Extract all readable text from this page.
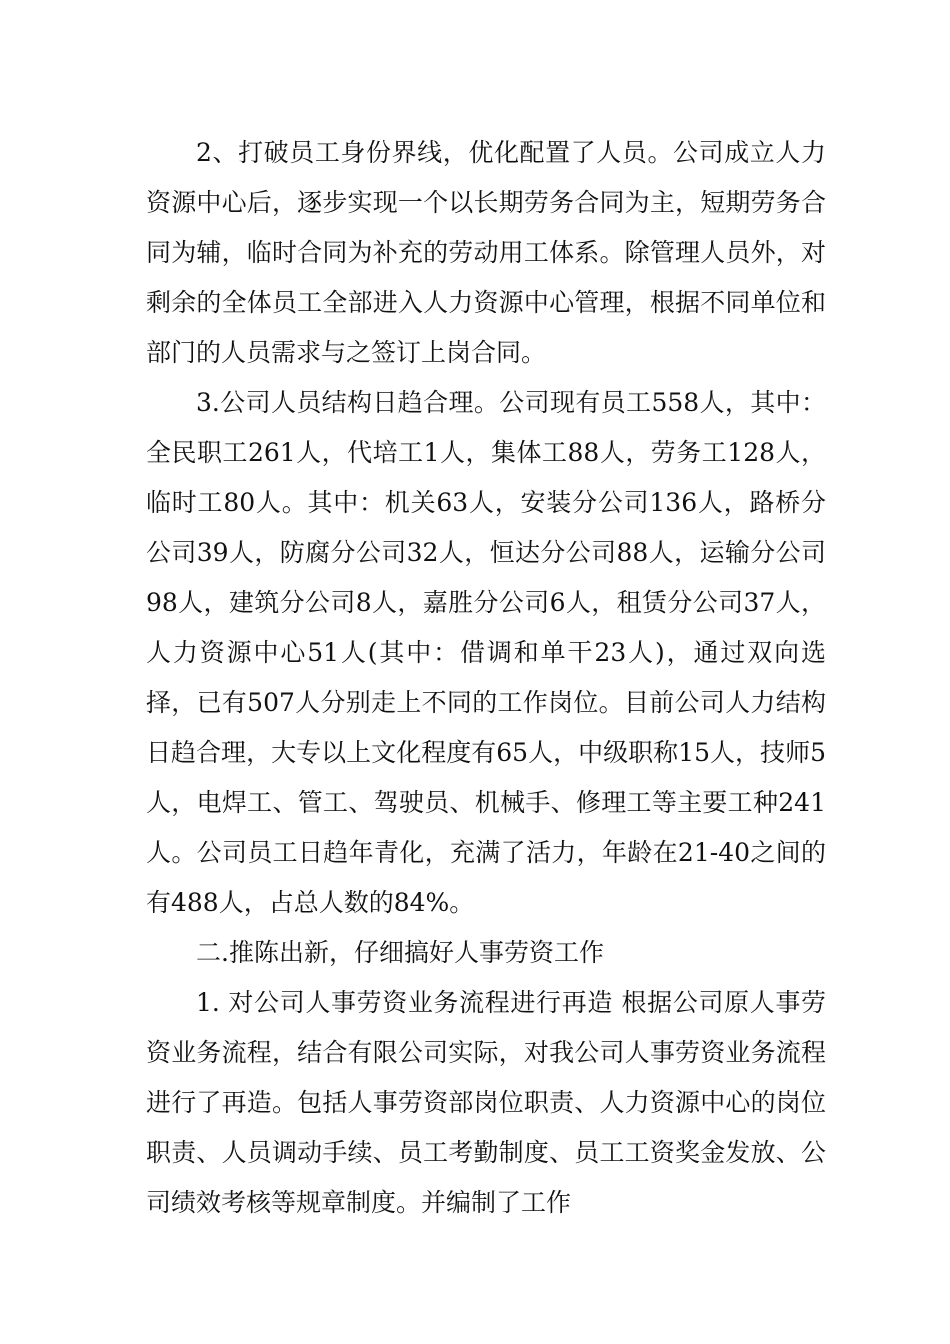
2、打破员工身份界线，优化配置了人员。公司成立人力资源中心后，逐步实现一个以长期劳务合同为主，短期劳务合同为辅，临时合同为补充的劳动用工体系。除管理人员外，对剩余的全体员工全部进入人力资源中心管理，根据不同单位和部门的人员需求与之签订上岗合同。

3.公司人员结构日趋合理。公司现有员工558人，其中：全民职工261人，代培工1人，集体工88人，劳务工128人，临时工80人。其中：机关63人，安装分公司136人，路桥分公司39人，防腐分公司32人，恒达分公司88人，运输分公司98人，建筑分公司8人，嘉胜分公司6人，租赁分公司37人，人力资源中心51人(其中：借调和单干23人)，通过双向选择，已有507人分别走上不同的工作岗位。目前公司人力结构日趋合理，大专以上文化程度有65人，中级职称15人，技师5人，电焊工、管工、驾驶员、机械手、修理工等主要工种241人。公司员工日趋年青化，充满了活力，年龄在21-40之间的有488人，占总人数的84%。

二.推陈出新，仔细搞好人事劳资工作

1. 对公司人事劳资业务流程进行再造 根据公司原人事劳资业务流程，结合有限公司实际，对我公司人事劳资业务流程进行了再造。包括人事劳资部岗位职责、人力资源中心的岗位职责、人员调动手续、员工考勤制度、员工工资奖金发放、公司绩效考核等规章制度。并编制了工作
